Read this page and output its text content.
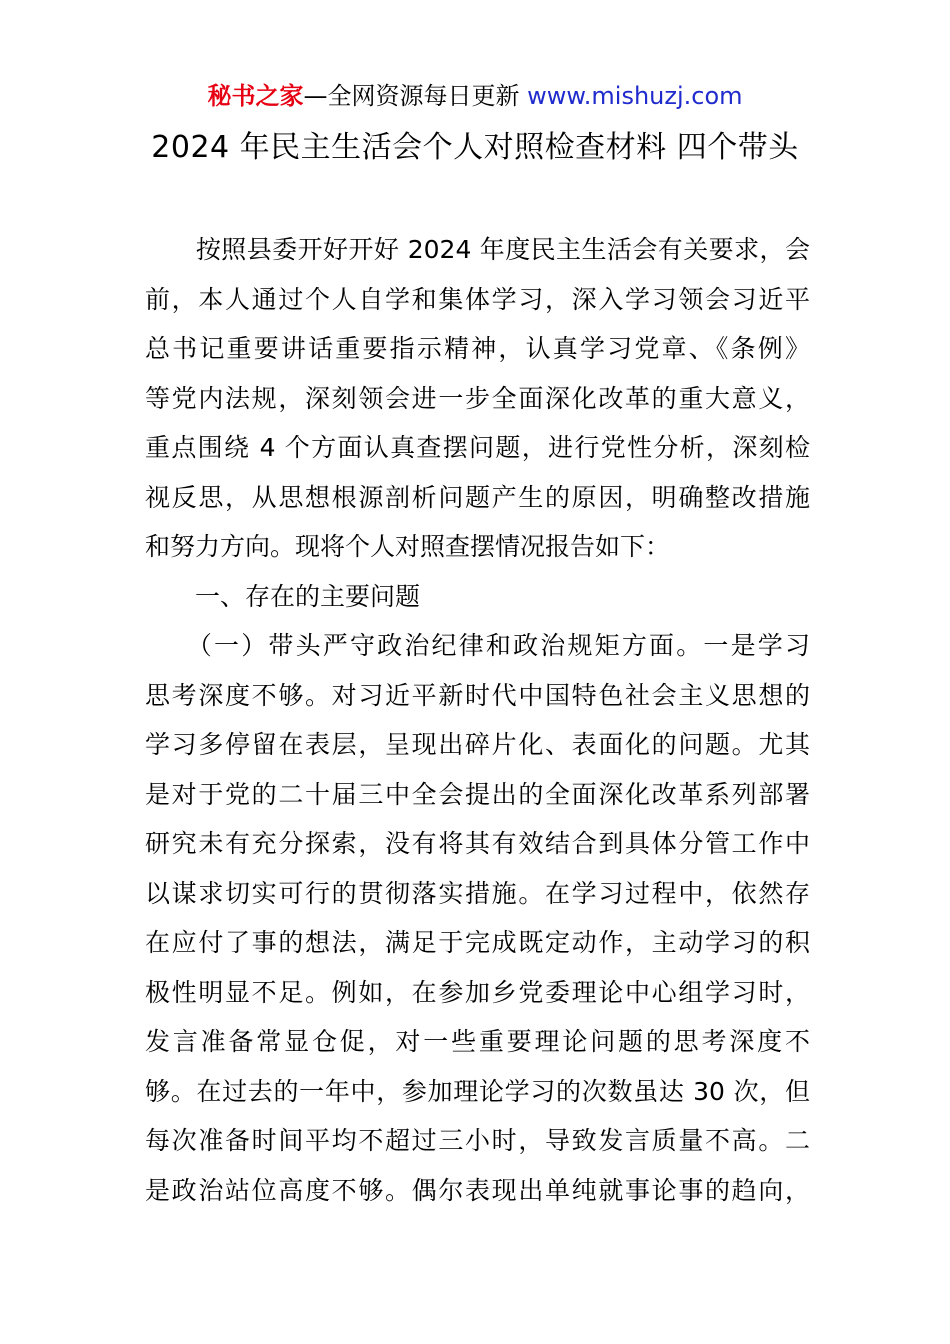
秘书之家—全网资源每日更新 www.mishuzj.com
2024 年民主生活会个人对照检查材料 四个带头
　　按照县委开好开好 2024 年度民主生活会有关要求，会
前，本人通过个人自学和集体学习，深入学习领会习近平
总书记重要讲话重要指示精神，认真学习党章、《条例》
等党内法规，深刻领会进一步全面深化改革的重大意义，
重点围绕 4 个方面认真查摆问题，进行党性分析，深刻检
视反思，从思想根源剖析问题产生的原因，明确整改措施
和努力方向。现将个人对照查摆情况报告如下：
　　一、存在的主要问题
　　（一）带头严守政治纪律和政治规矩方面。一是学习
思考深度不够。对习近平新时代中国特色社会主义思想的
学习多停留在表层，呈现出碎片化、表面化的问题。尤其
是对于党的二十届三中全会提出的全面深化改革系列部署
研究未有充分探索，没有将其有效结合到具体分管工作中
以谋求切实可行的贯彻落实措施。在学习过程中，依然存
在应付了事的想法，满足于完成既定动作，主动学习的积
极性明显不足。例如，在参加乡党委理论中心组学习时，
发言准备常显仓促，对一些重要理论问题的思考深度不
够。在过去的一年中，参加理论学习的次数虽达 30 次，但
每次准备时间平均不超过三小时，导致发言质量不高。二
是政治站位高度不够。偶尔表现出单纯就事论事的趋向，
